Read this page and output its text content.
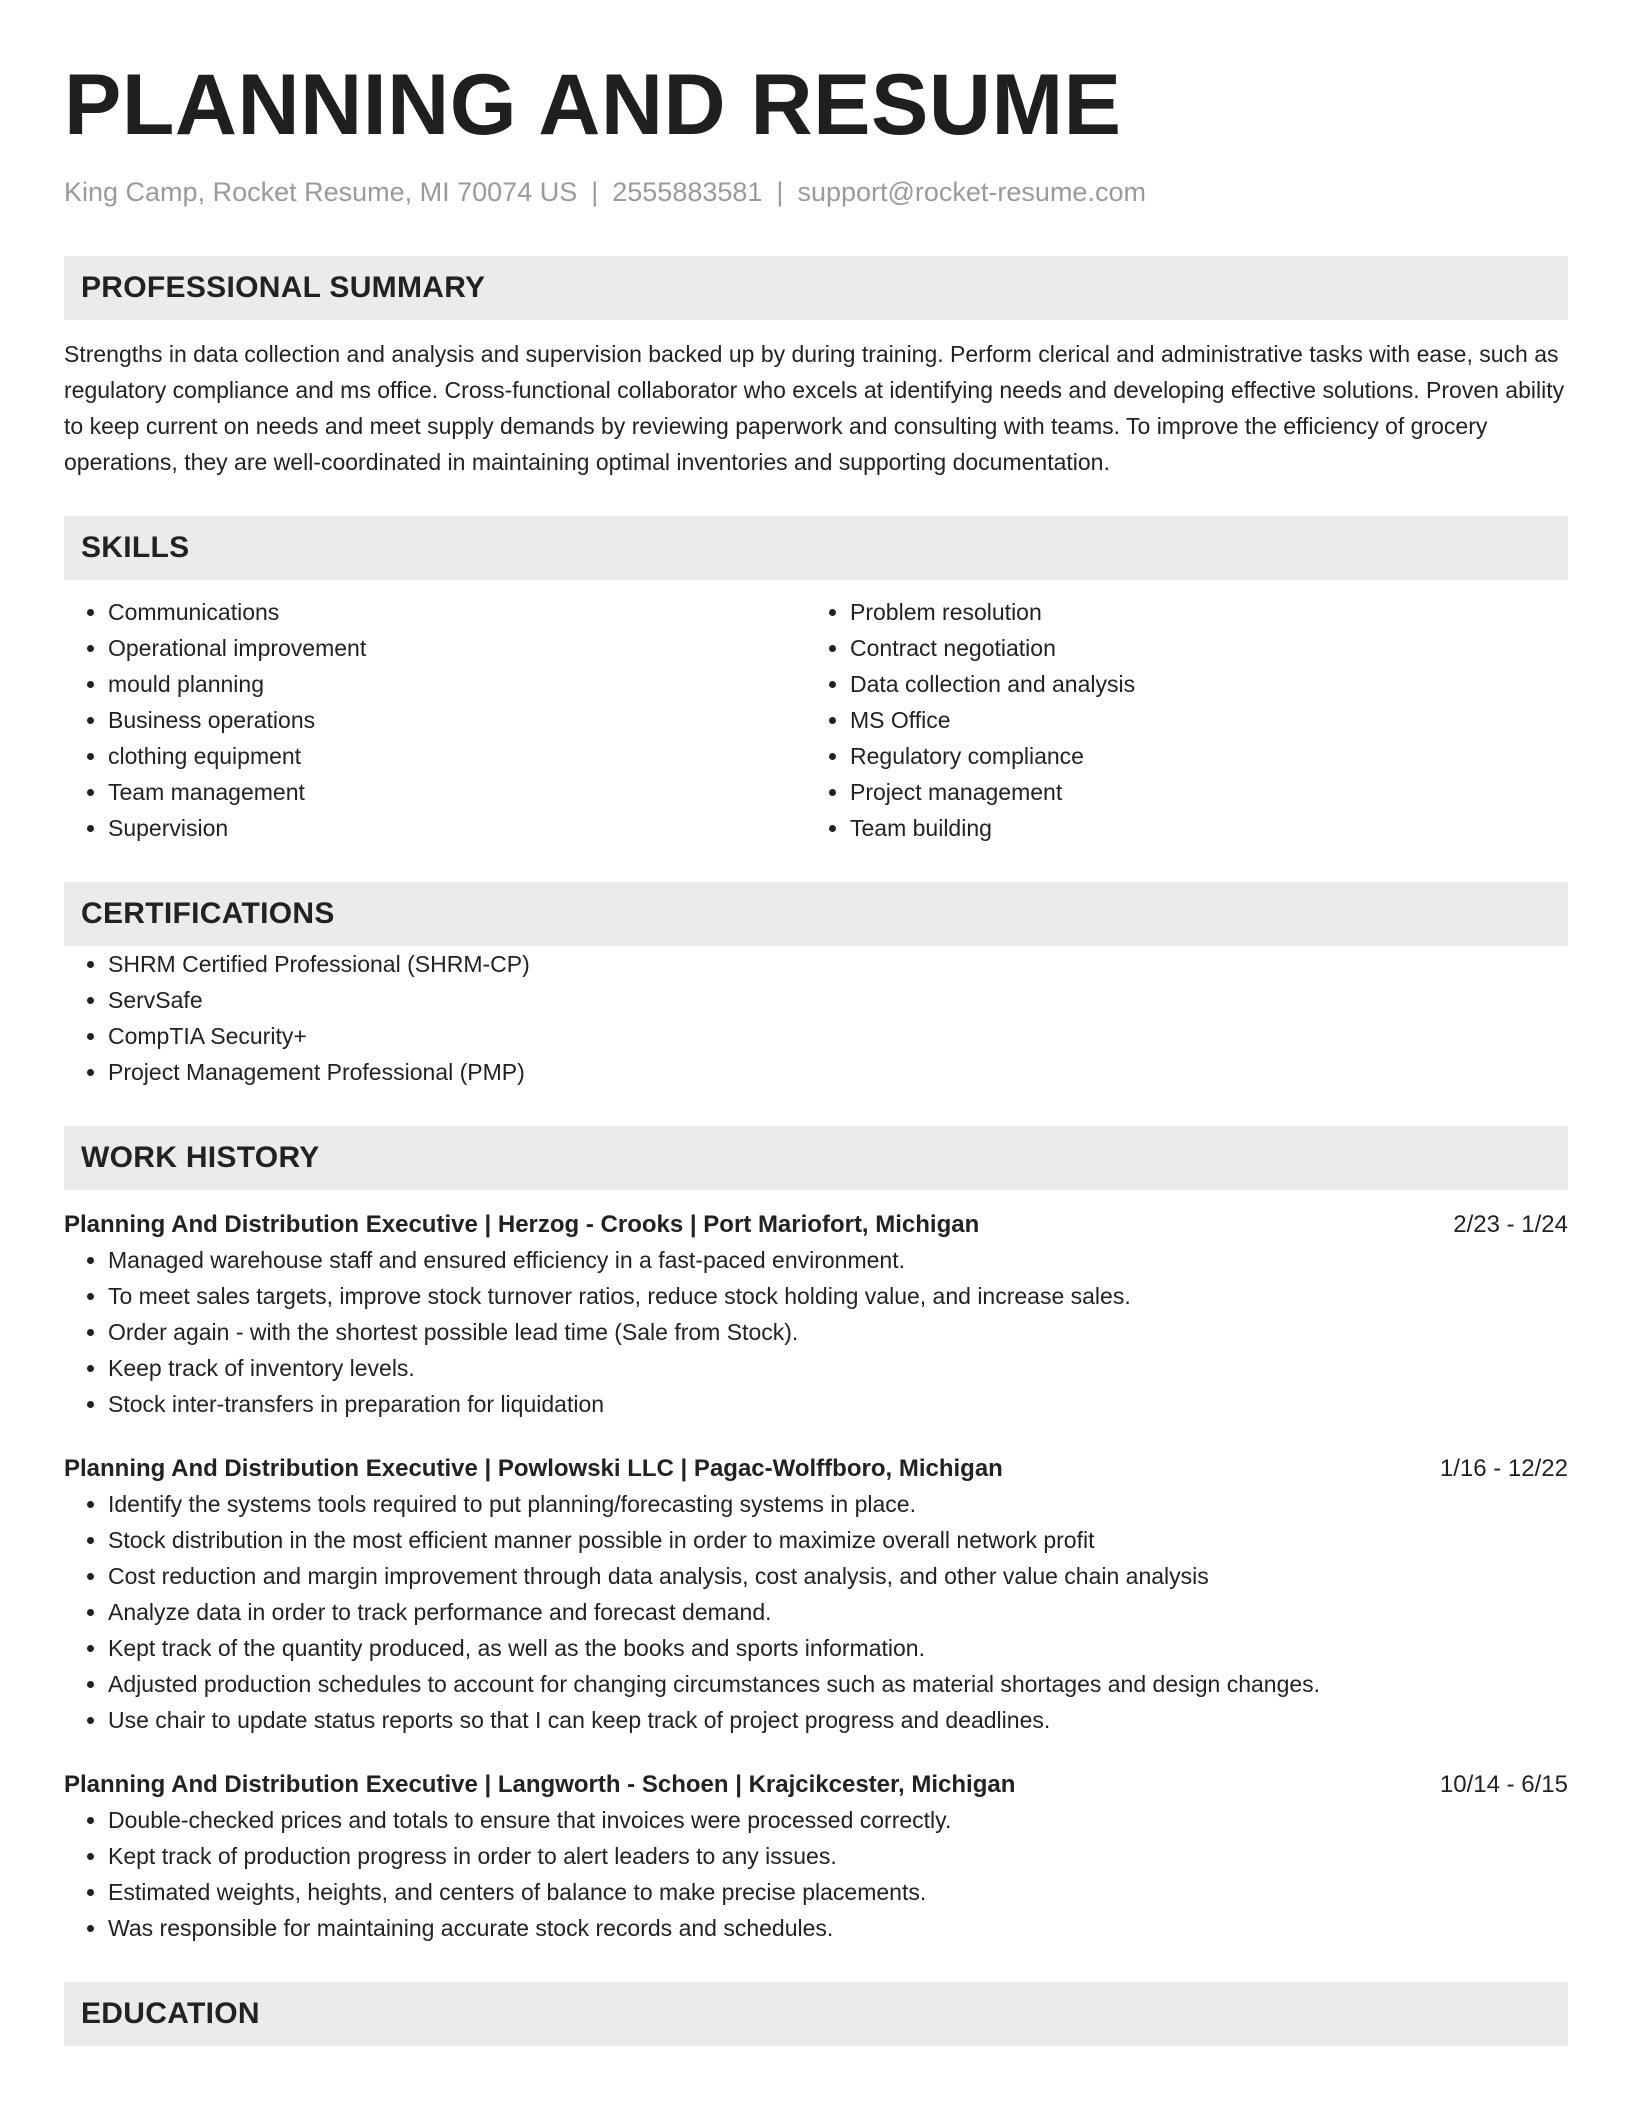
PLANNING AND RESUME
King Camp, Rocket Resume, MI 70074 US | 2555883581 | support@rocket-resume.com
PROFESSIONAL SUMMARY
Strengths in data collection and analysis and supervision backed up by during training. Perform clerical and administrative tasks with ease, such as regulatory compliance and ms office. Cross-functional collaborator who excels at identifying needs and developing effective solutions. Proven ability to keep current on needs and meet supply demands by reviewing paperwork and consulting with teams. To improve the efficiency of grocery operations, they are well-coordinated in maintaining optimal inventories and supporting documentation.
SKILLS
• Communications
• Operational improvement
• mould planning
• Business operations
• clothing equipment
• Team management
• Supervision
• Problem resolution
• Contract negotiation
• Data collection and analysis
• MS Office
• Regulatory compliance
• Project management
• Team building
CERTIFICATIONS
• SHRM Certified Professional (SHRM-CP)
• ServSafe
• CompTIA Security+
• Project Management Professional (PMP)
WORK HISTORY
Planning And Distribution Executive | Herzog - Crooks | Port Mariofort, Michigan	2/23 - 1/24
• Managed warehouse staff and ensured efficiency in a fast-paced environment.
• To meet sales targets, improve stock turnover ratios, reduce stock holding value, and increase sales.
• Order again - with the shortest possible lead time (Sale from Stock).
• Keep track of inventory levels.
• Stock inter-transfers in preparation for liquidation
Planning And Distribution Executive | Powlowski LLC | Pagac-Wolffboro, Michigan	1/16 - 12/22
• Identify the systems tools required to put planning/forecasting systems in place.
• Stock distribution in the most efficient manner possible in order to maximize overall network profit
• Cost reduction and margin improvement through data analysis, cost analysis, and other value chain analysis
• Analyze data in order to track performance and forecast demand.
• Kept track of the quantity produced, as well as the books and sports information.
• Adjusted production schedules to account for changing circumstances such as material shortages and design changes.
• Use chair to update status reports so that I can keep track of project progress and deadlines.
Planning And Distribution Executive | Langworth - Schoen | Krajcikcester, Michigan	10/14 - 6/15
• Double-checked prices and totals to ensure that invoices were processed correctly.
• Kept track of production progress in order to alert leaders to any issues.
• Estimated weights, heights, and centers of balance to make precise placements.
• Was responsible for maintaining accurate stock records and schedules.
EDUCATION
